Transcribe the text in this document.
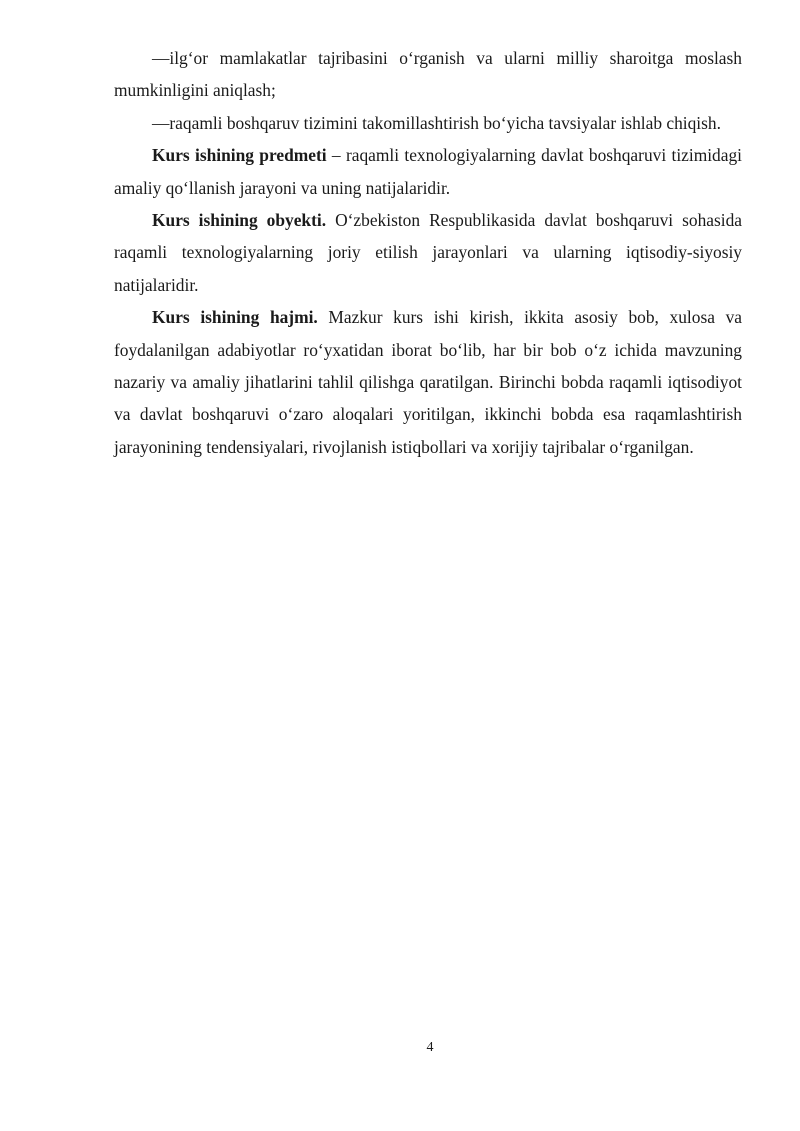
—ilg‘or mamlakatlar tajribasini o‘rganish va ularni milliy sharoitga moslash mumkinligini aniqlash;

—raqamli boshqaruv tizimini takomillashtirish bo‘yicha tavsiyalar ishlab chiqish.

Kurs ishining predmeti – raqamli texnologiyalarning davlat boshqaruvi tizimidagi amaliy qo‘llanish jarayoni va uning natijalaridir.

Kurs ishining obyekti. O‘zbekiston Respublikasida davlat boshqaruvi sohasida raqamli texnologiyalarning joriy etilish jarayonlari va ularning iqtisodiy-siyosiy natijalaridir.

Kurs ishining hajmi. Mazkur kurs ishi kirish, ikkita asosiy bob, xulosa va foydalanilgan adabiyotlar ro‘yxatidan iborat bo‘lib, har bir bob o‘z ichida mavzuning nazariy va amaliy jihatlarini tahlil qilishga qaratilgan. Birinchi bobda raqamli iqtisodiyot va davlat boshqaruvi o‘zaro aloqalari yoritilgan, ikkinchi bobda esa raqamlashtirish jarayonining tendensiyalari, rivojlanish istiqbollari va xorijiy tajribalar o‘rganilgan.

4
